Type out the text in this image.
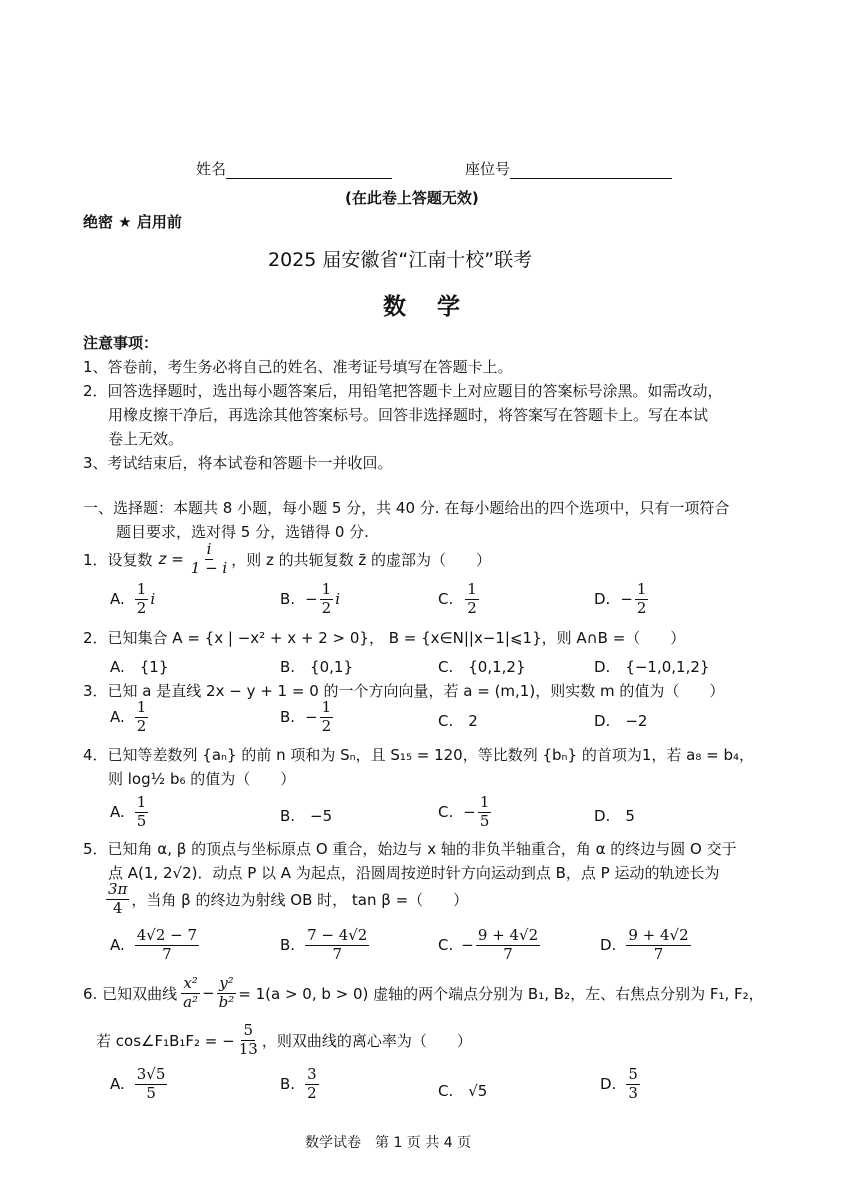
姓名	座位号
(在此卷上答题无效)
绝密 ★ 启用前
2025 届安徽省“江南十校”联考
数　学
注意事项：
1、答卷前，考生务必将自己的姓名、准考证号填写在答题卡上。
2．回答选择题时，选出每小题答案后，用铅笔把答题卡上对应题目的答案标号涂黑。如需改动，
用橡皮擦干净后，再选涂其他答案标号。回答非选择题时，将答案写在答题卡上。写在本试
卷上无效。
3、考试结束后，将本试卷和答题卡一并收回。
一、选择题：本题共 8 小题，每小题 5 分，共 40 分. 在每小题给出的四个选项中，只有一项符合
题目要求，选对得 5 分，选错得 0 分.
1．设复数 $z = \frac{i}{1 - i}$ ，则 z 的共轭复数 z̄ 的虚部为（　　）
A. $\frac{1}{2}$ i	B. − $\frac{1}{2}$ i	C. $\frac{1}{2}$	D. − $\frac{1}{2}$
2．已知集合 A = {x | −x² + x + 2 > 0}， B = {x∈N||x−1|⩽1}，则 A∩B =（　　）
A.　{1}	B.　{0,1}	C.　{0,1,2}	D.　{−1,0,1,2}
3．已知 a 是直线 2x − y + 1 = 0 的一个方向向量，若 a = (m,1)，则实数 m 的值为（　　）
A. $\frac{1}{2}$	B. − $\frac{1}{2}$	C.　2	D.　−2
4．已知等差数列 {aₙ} 的前 n 项和为 Sₙ，且 S₁₅ = 120，等比数列 {bₙ} 的首项为1，若 a₈ = b₄，
则 log½ b₆ 的值为（　　）
A. $\frac{1}{5}$	B.　−5	C. − $\frac{1}{5}$	D.　5
5．已知角 α, β 的顶点与坐标原点 O 重合，始边与 x 轴的非负半轴重合，角 α 的终边与圆 O 交于
点 A(1, 2√2)．动点 P 以 A 为起点，沿圆周按逆时针方向运动到点 B，点 P 运动的轨迹长为
$\frac{3\pi}{4}$ ，当角 β 的终边为射线 OB 时， tan β =（　　）
A. $\frac{4√2 - 7}{7}$	B. $\frac{7 - 4√2}{7}$	C. − $\frac{9 + 4√2}{7}$	D. $\frac{9 + 4√2}{7}$
6. 已知双曲线 $\frac{\text{x²}}{\text{a²}} - \frac{\text{y²}}{\text{b²}} = 1(a > 0$, b > 0) 虚轴的两个端点分别为 B₁, B₂，左、右焦点分别为 F₁, F₂，
若 cos∠F₁B₁F₂ = − $\frac{5}{13}$ ，则双曲线的离心率为（　　）
A. $\frac{3√5}{5}$	B. $\frac{3}{2}$	C.　√5	D. $\frac{5}{3}$
数学试卷　第 1 页 共 4 页
